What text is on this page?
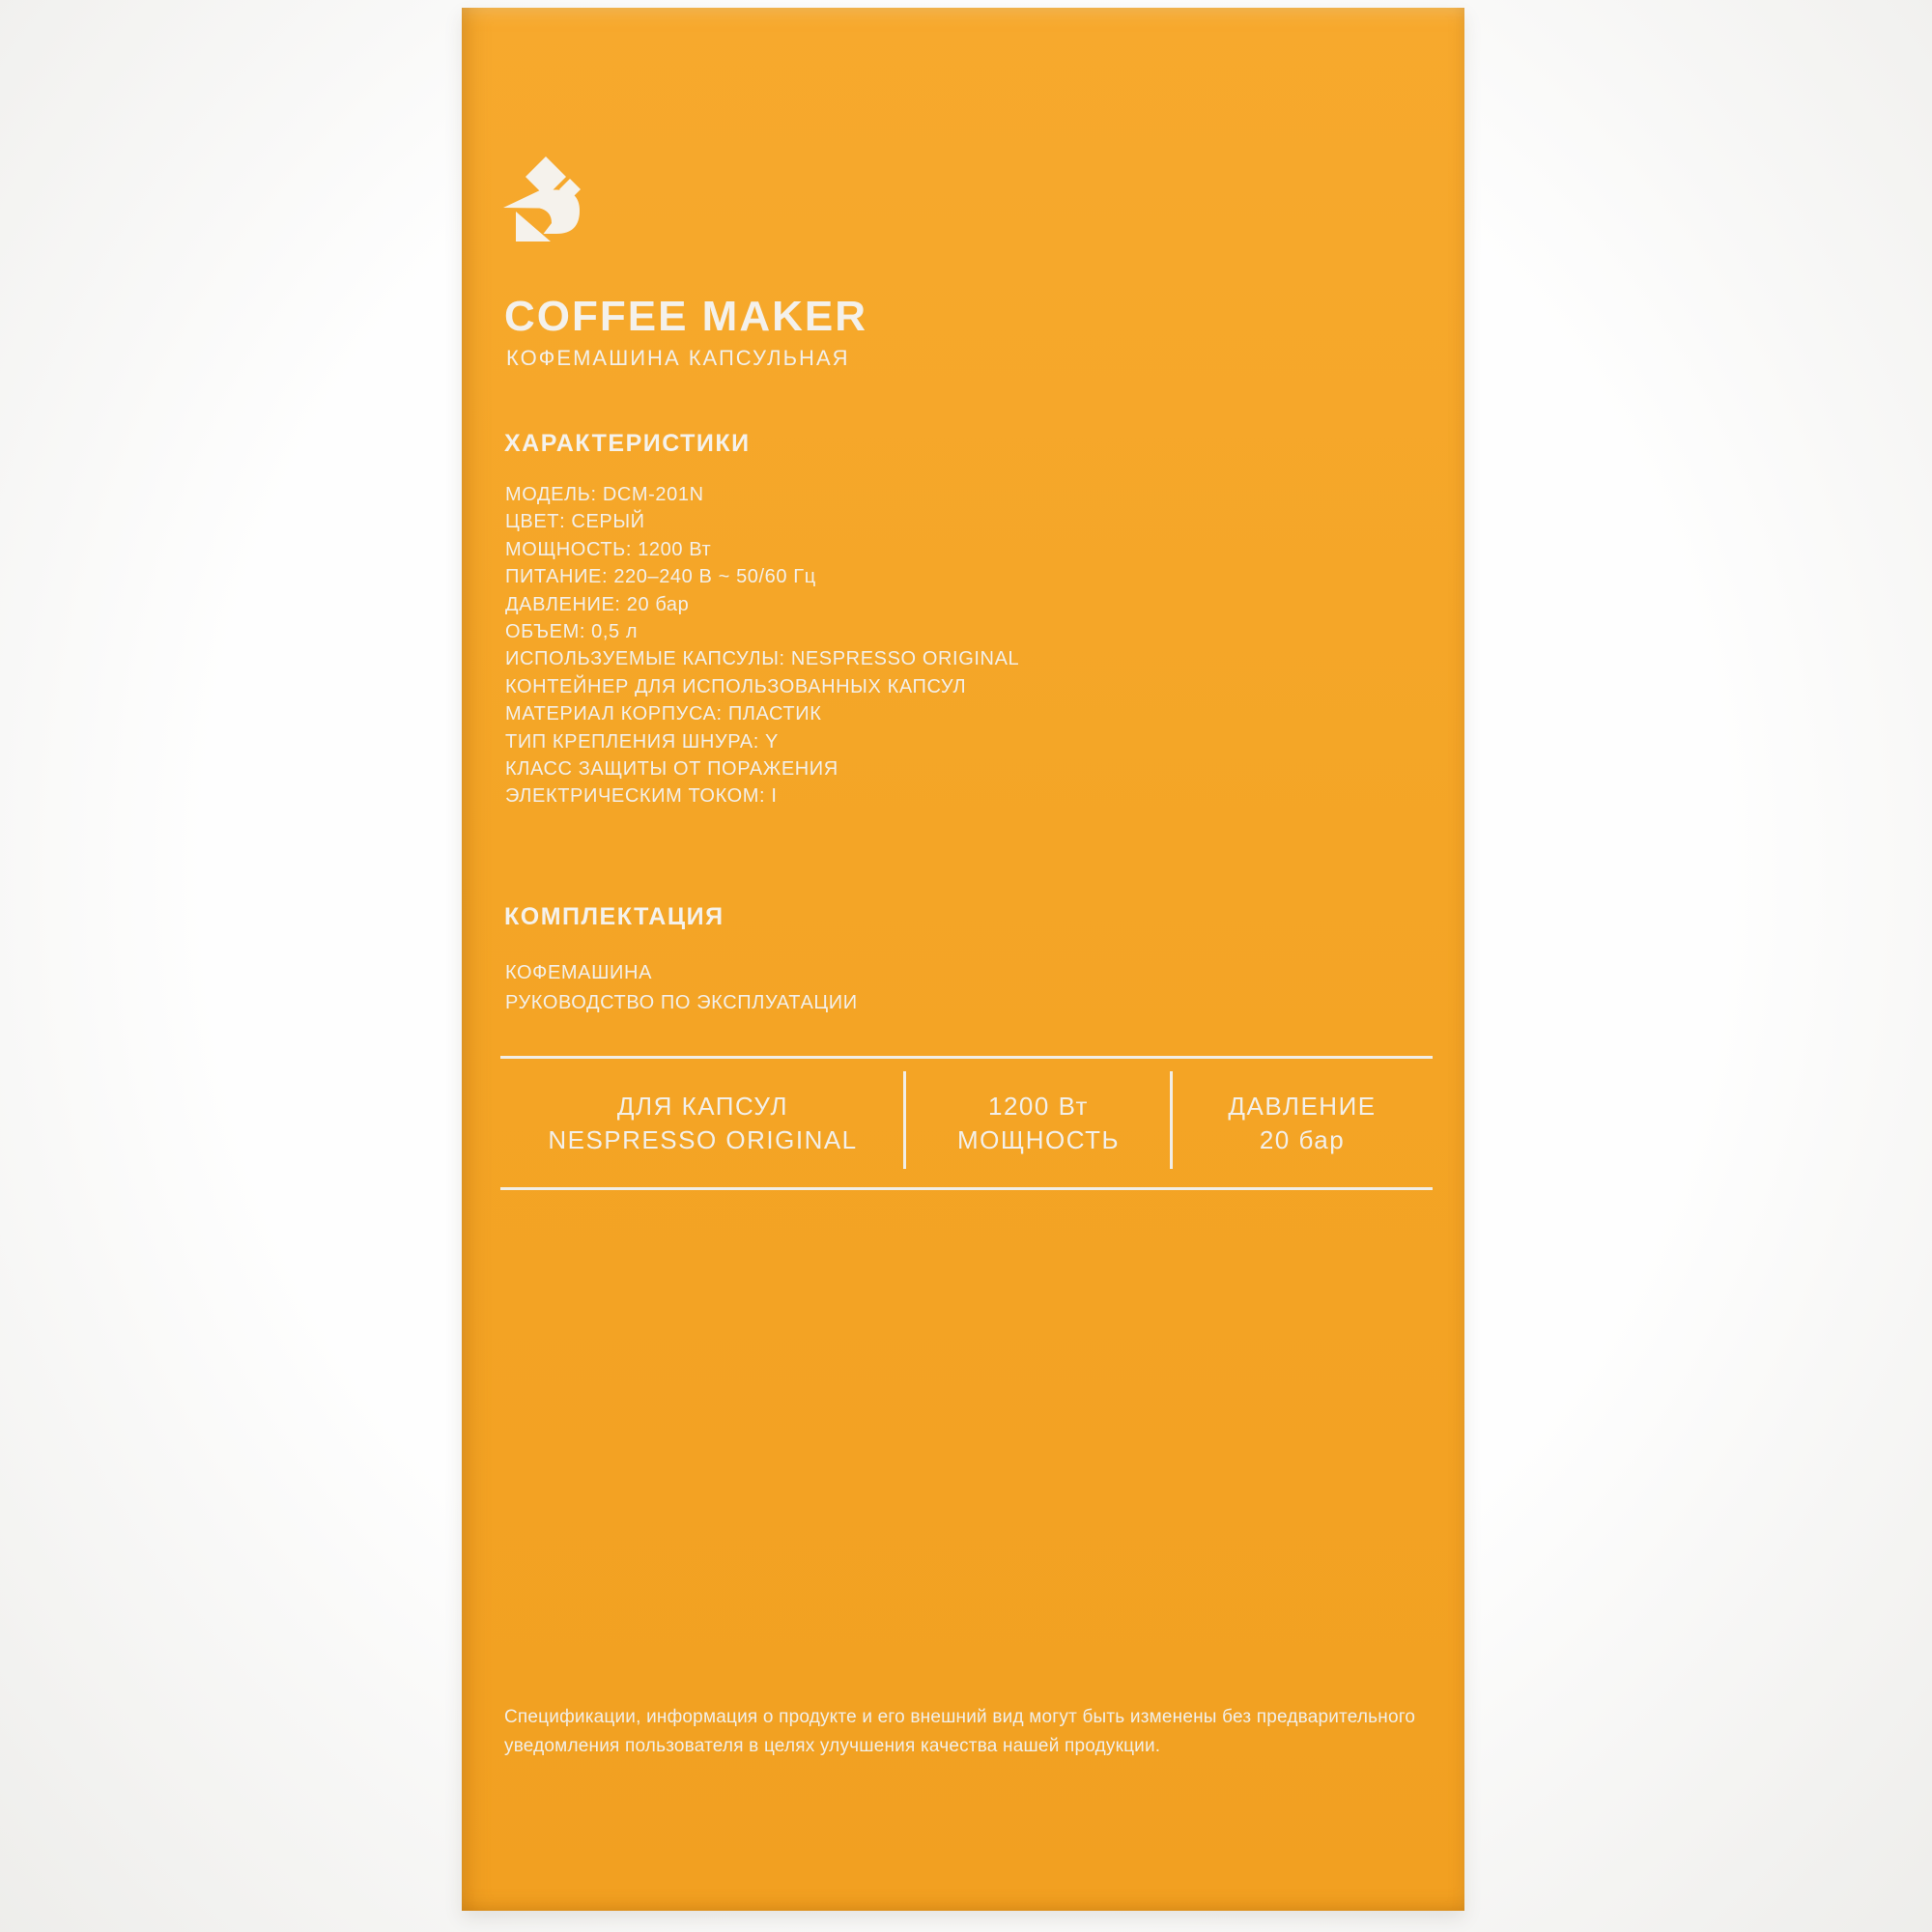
COFFEE MAKER
КОФЕМАШИНА КАПСУЛЬНАЯ
ХАРАКТЕРИСТИКИ
МОДЕЛЬ: DCM-201N
ЦВЕТ: СЕРЫЙ
МОЩНОСТЬ: 1200 Вт
ПИТАНИЕ: 220–240 В ~ 50/60 Гц
ДАВЛЕНИЕ: 20 бар
ОБЪЕМ: 0,5 л
ИСПОЛЬЗУЕМЫЕ КАПСУЛЫ: NESPRESSO ORIGINAL
КОНТЕЙНЕР ДЛЯ ИСПОЛЬЗОВАННЫХ КАПСУЛ
МАТЕРИАЛ КОРПУСА: ПЛАСТИК
ТИП КРЕПЛЕНИЯ ШНУРА: Y
КЛАСС ЗАЩИТЫ ОТ ПОРАЖЕНИЯ
ЭЛЕКТРИЧЕСКИМ ТОКОМ: I
КОМПЛЕКТАЦИЯ
КОФЕМАШИНА
РУКОВОДСТВО ПО ЭКСПЛУАТАЦИИ
ДЛЯ КАПСУЛ
NESPRESSO ORIGINAL
1200 Вт
МОЩНОСТЬ
ДАВЛЕНИЕ
20 бар
Спецификации, информация о продукте и его внешний вид могут быть изменены без предварительного
уведомления пользователя в целях улучшения качества нашей продукции.
